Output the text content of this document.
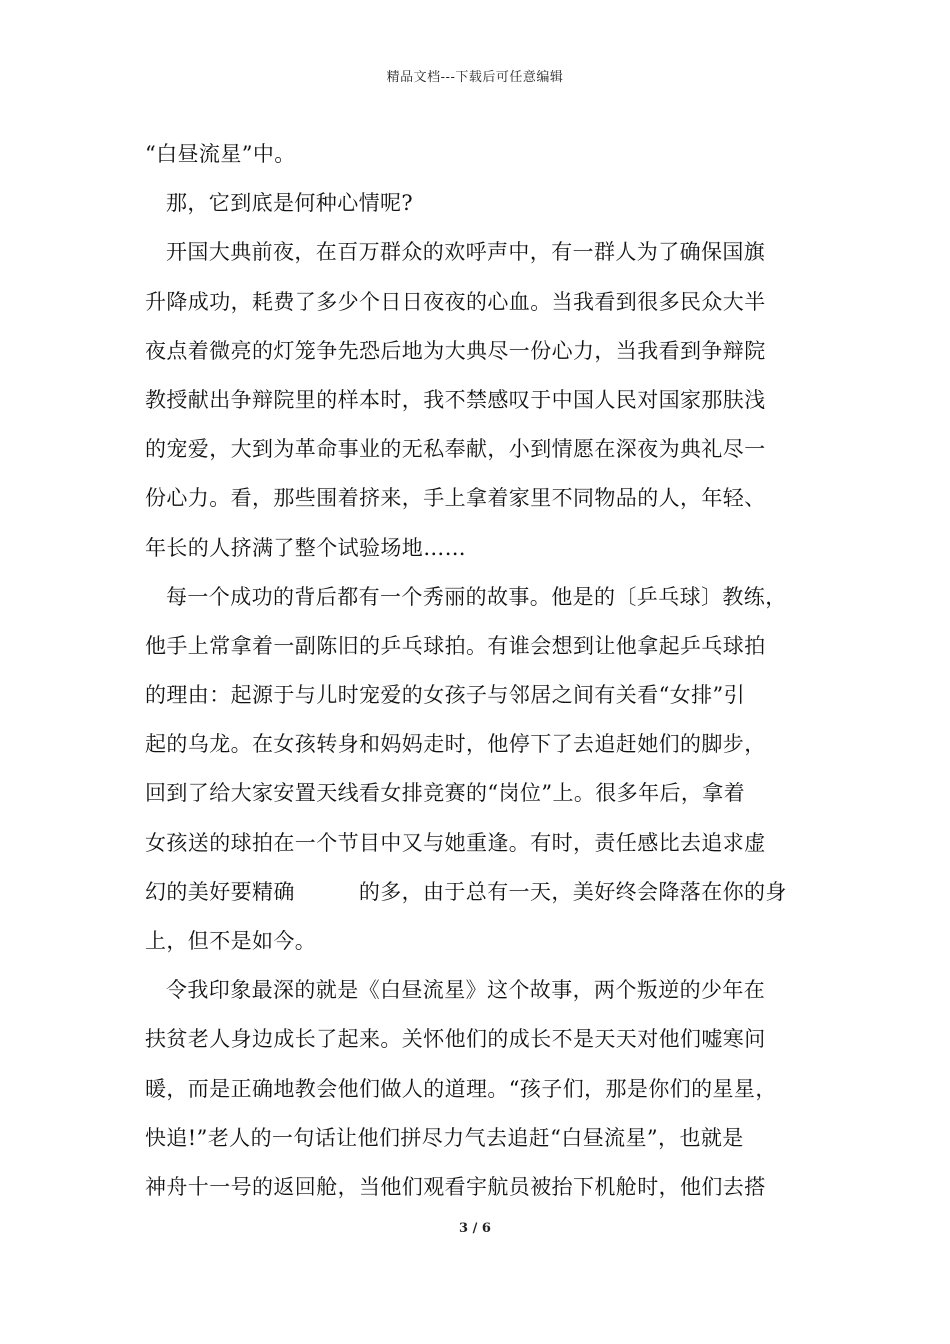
精品文档---下载后可任意编辑
“白昼流星”中。
那，它到底是何种心情呢?
开国大典前夜，在百万群众的欢呼声中，有一群人为了确保国旗
升降成功，耗费了多少个日日夜夜的心血。当我看到很多民众大半
夜点着微亮的灯笼争先恐后地为大典尽一份心力，当我看到争辩院
教授献出争辩院里的样本时，我不禁感叹于中国人民对国家那肤浅
的宠爱，大到为革命事业的无私奉献，小到情愿在深夜为典礼尽一
份心力。看，那些围着挤来，手上拿着家里不同物品的人，年轻、
年长的人挤满了整个试验场地……
每一个成功的背后都有一个秀丽的故事。他是的〔乒乓球〕教练，
他手上常拿着一副陈旧的乒乓球拍。有谁会想到让他拿起乒乓球拍
的理由：起源于与儿时宠爱的女孩子与邻居之间有关看“女排”引
起的乌龙。在女孩转身和妈妈走时，他停下了去追赶她们的脚步，
回到了给大家安置天线看女排竞赛的“岗位”上。很多年后，拿着
女孩送的球拍在一个节目中又与她重逢。有时，责任感比去追求虚
幻的美好要精确	的多，由于总有一天，美好终会降落在你的身
上，但不是如今。
令我印象最深的就是《白昼流星》这个故事，两个叛逆的少年在
扶贫老人身边成长了起来。关怀他们的成长不是天天对他们嘘寒问
暖，而是正确地教会他们做人的道理。“孩子们，那是你们的星星，
快追!”老人的一句话让他们拼尽力气去追赶“白昼流星”，也就是
神舟十一号的返回舱，当他们观看宇航员被抬下机舱时，他们去搭
3 / 6
